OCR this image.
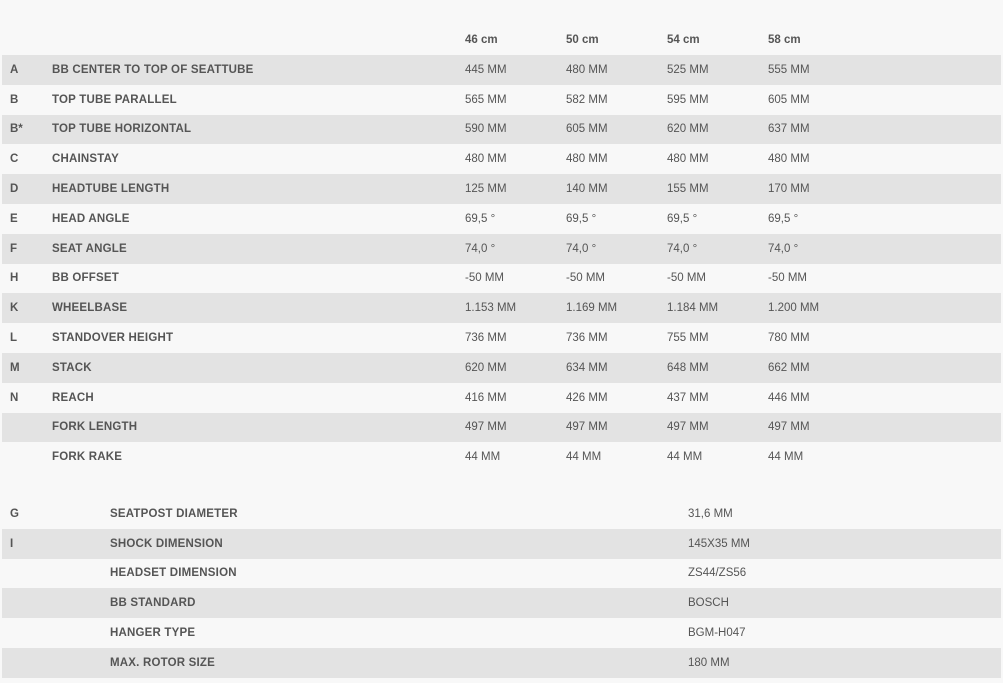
		46 cm	50 cm	54 cm	58 cm
A	BB CENTER TO TOP OF SEATTUBE	445 MM	480 MM	525 MM	555 MM
B	TOP TUBE PARALLEL	565 MM	582 MM	595 MM	605 MM
B*	TOP TUBE HORIZONTAL	590 MM	605 MM	620 MM	637 MM
C	CHAINSTAY	480 MM	480 MM	480 MM	480 MM
D	HEADTUBE LENGTH	125 MM	140 MM	155 MM	170 MM
E	HEAD ANGLE	69,5 °	69,5 °	69,5 °	69,5 °
F	SEAT ANGLE	74,0 °	74,0 °	74,0 °	74,0 °
H	BB OFFSET	-50 MM	-50 MM	-50 MM	-50 MM
K	WHEELBASE	1.153 MM	1.169 MM	1.184 MM	1.200 MM
L	STANDOVER HEIGHT	736 MM	736 MM	755 MM	780 MM
M	STACK	620 MM	634 MM	648 MM	662 MM
N	REACH	416 MM	426 MM	437 MM	446 MM
	FORK LENGTH	497 MM	497 MM	497 MM	497 MM
	FORK RAKE	44 MM	44 MM	44 MM	44 MM
G	SEATPOST DIAMETER	31,6 MM
I	SHOCK DIMENSION	145X35 MM
	HEADSET DIMENSION	ZS44/ZS56
	BB STANDARD	BOSCH
	HANGER TYPE	BGM-H047
	MAX. ROTOR SIZE	180 MM
